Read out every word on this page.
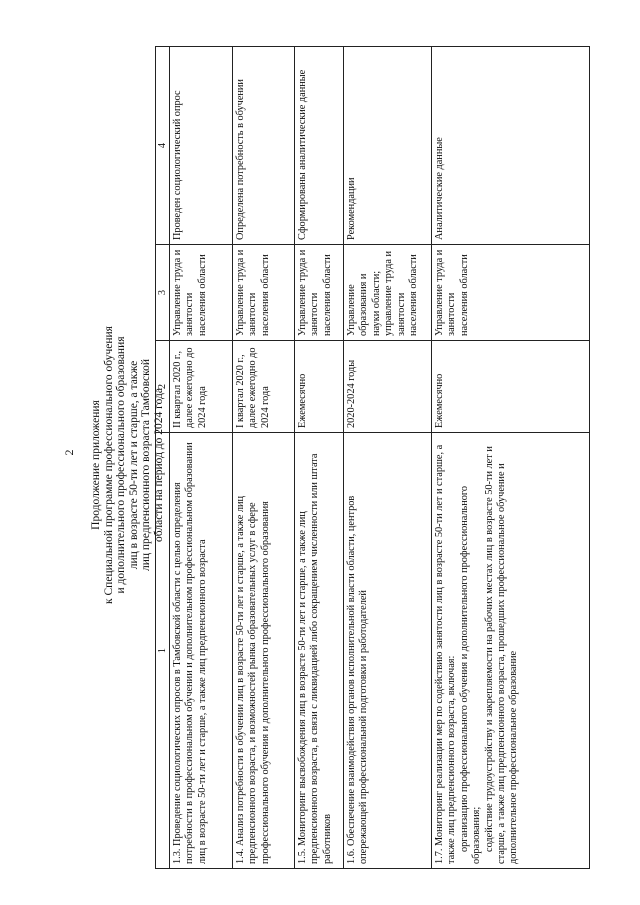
2 Продолжение приложения к Специальной программе профессионального обучения и дополнительного профессионального образования лиц в возрасте 50-ти лет и старше, а также лиц предпенсионного возраста Тамбовской области на период до 2024 года
1	2	3	4
1.3. Проведение социологических опросов в Тамбовской области с целью определения потребности в профессиональном обучении и дополнительном профессиональном образовании лиц в возрасте 50-ти лет и старше, а также лиц предпенсионного возраста	II квартал 2020 г., далее ежегодно до 2024 года	Управление труда и занятости населения области	Проведен социологический опрос
1.4. Анализ потребности в обучении лиц в возрасте 50-ти лет и старше, а также лиц предпенсионного возраста, и возможностей рынка образовательных услуг в сфере профессионального обучения и дополнительного профессионального образования	I квартал 2020 г., далее ежегодно до 2024 года	Управление труда и занятости населения области	Определена потребность в обучении
1.5. Мониторинг высвобождения лиц в возрасте 50-ти лет и старше, а также лиц предпенсионного возраста, в связи с ликвидацией либо сокращением численности или штата работников	Ежемесячно	Управление труда и занятости населения области	Сформированы аналитические данные
1.6. Обеспечение взаимодействия органов исполнительной власти области, центров опережающей профессиональной подготовки и работодателей	2020-2024 годы	Управление образования и науки области; управление труда и занятости населения области	Рекомендации

1.7. Мониторинг реализации мер по содействию занятости лиц в возрасте 50-ти лет и старше, а также лиц предпенсионного возраста, включая: организацию профессионального обучения и дополнительного профессионального образования; содействие трудоустройству и закрепляемости на рабочих местах лиц в возрасте 50-ти лет и старше, а также лиц предпенсионного возраста, прошедших профессиональное обучение и дополнительное профессиональное образование	Ежемесячно	Управление труда и занятости населения области	Аналитические данные
